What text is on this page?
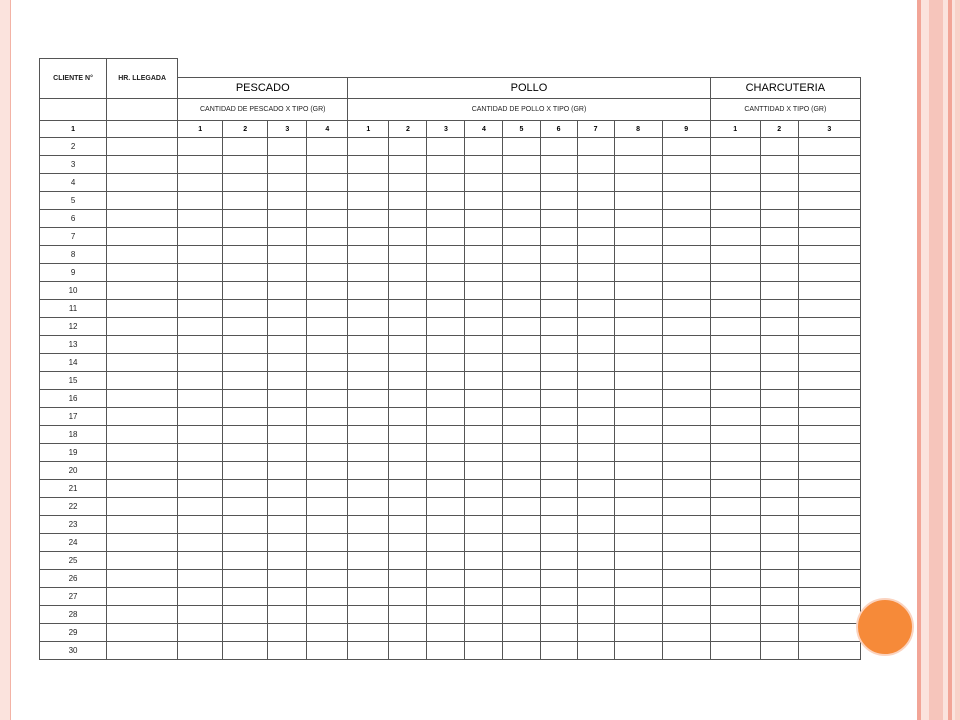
CLIENTE N°	HR. LLEGADA																
		PESCADO				POLLO									CHARCUTERIA		
		CANTIDAD DE PESCADO X TIPO (GR)				CANTIDAD DE POLLO X TIPO (GR)									CANTTIDAD X TIPO (GR)		
1		1	2	3	4	1	2	3	4	5	6	7	8	9	1	2	3
2																	
3																	
4																	
5																	
6																	
7																	
8																	
9																	
10																	
11																	
12																	
13																	
14																	
15																	
16																	
17																	
18																	
19																	
20																	
21																	
22																	
23																	
24																	
25																	
26																	
27																	
28																	
29																	
30																	
